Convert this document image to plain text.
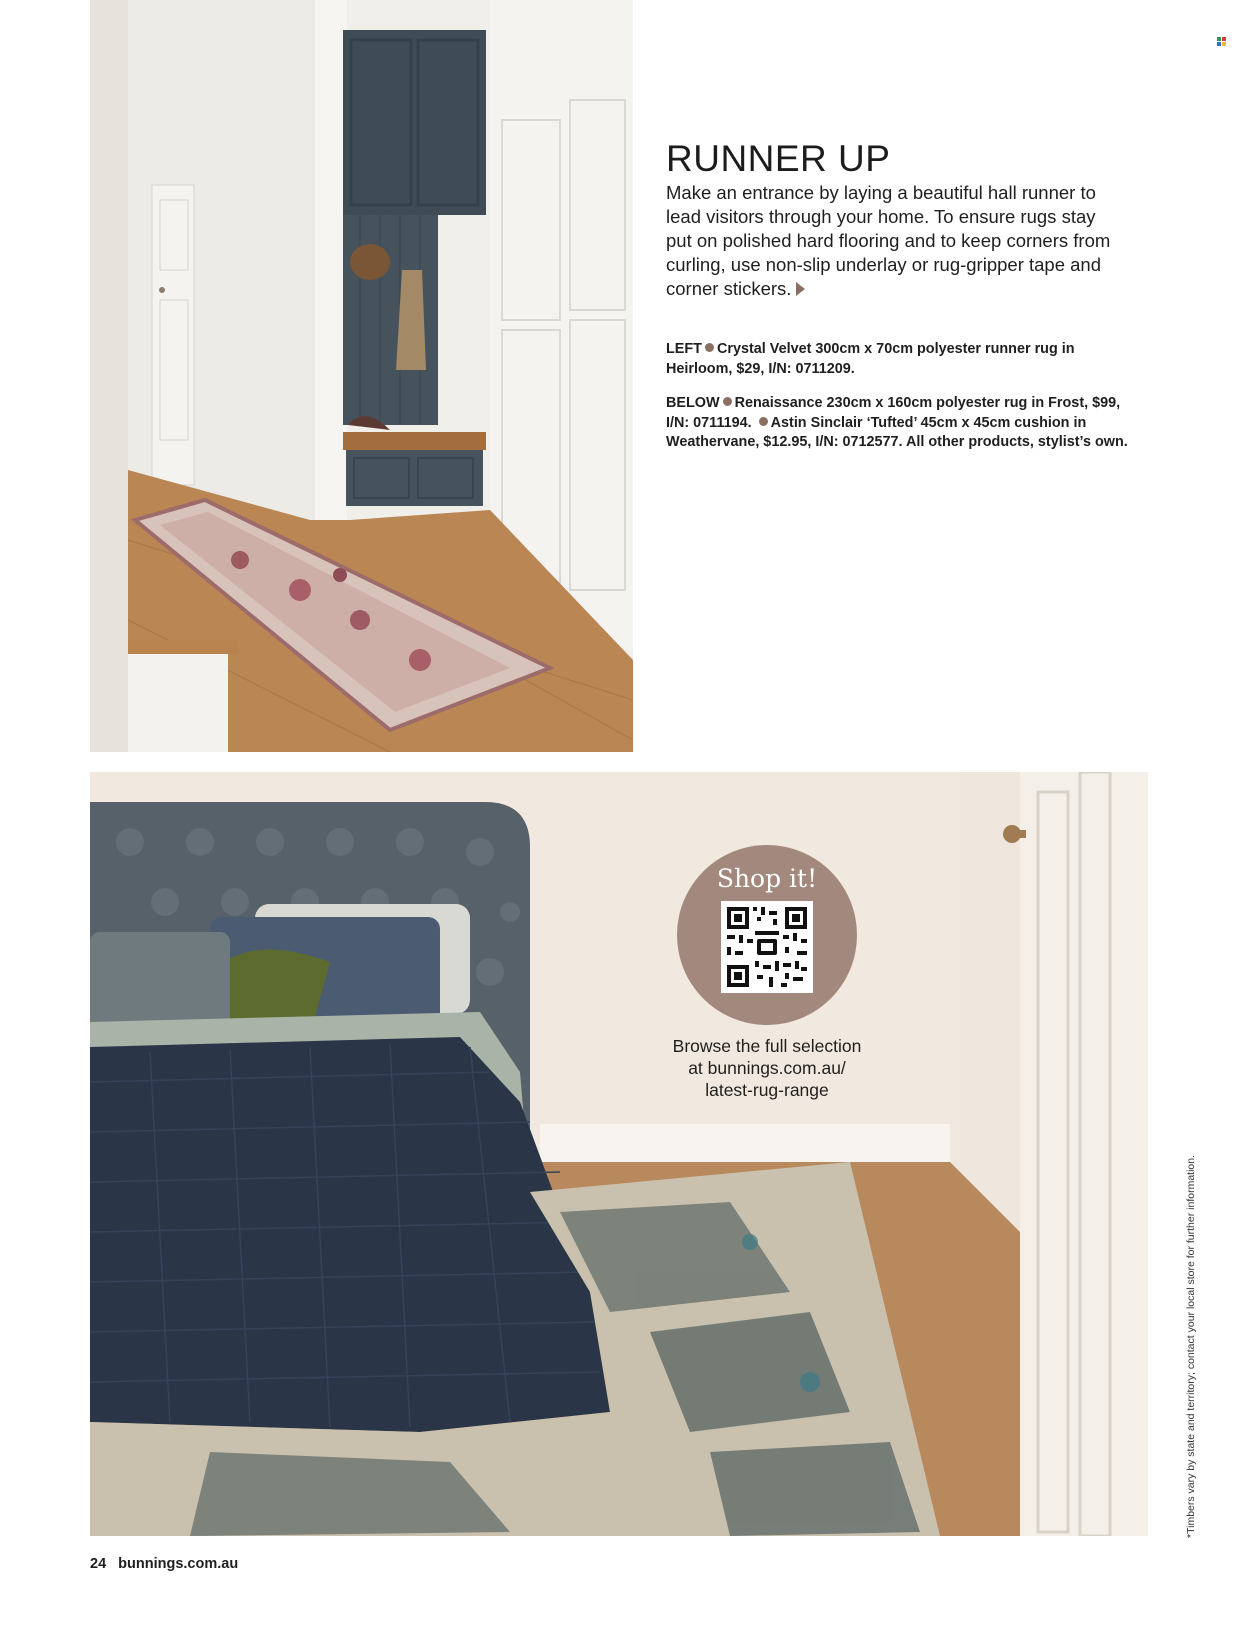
RUNNER UP

Make an entrance by laying a beautiful hall runner to lead visitors through your home. To ensure rugs stay put on polished hard flooring and to keep corners from curling, use non-slip underlay or rug-gripper tape and corner stickers.

LEFT Crystal Velvet 300cm x 70cm polyester runner rug in Heirloom, $29, I/N: 0711209.

BELOW Renaissance 230cm x 160cm polyester rug in Frost, $99, I/N: 0711194. Astin Sinclair ‘Tufted’ 45cm x 45cm cushion in Weathervane, $12.95, I/N: 0712577. All other products, stylist’s own.

Shop it!
Browse the full selection
at bunnings.com.au/
latest-rug-range
*Timbers vary by state and territory; contact your local store for further information.
24 bunnings.com.au
